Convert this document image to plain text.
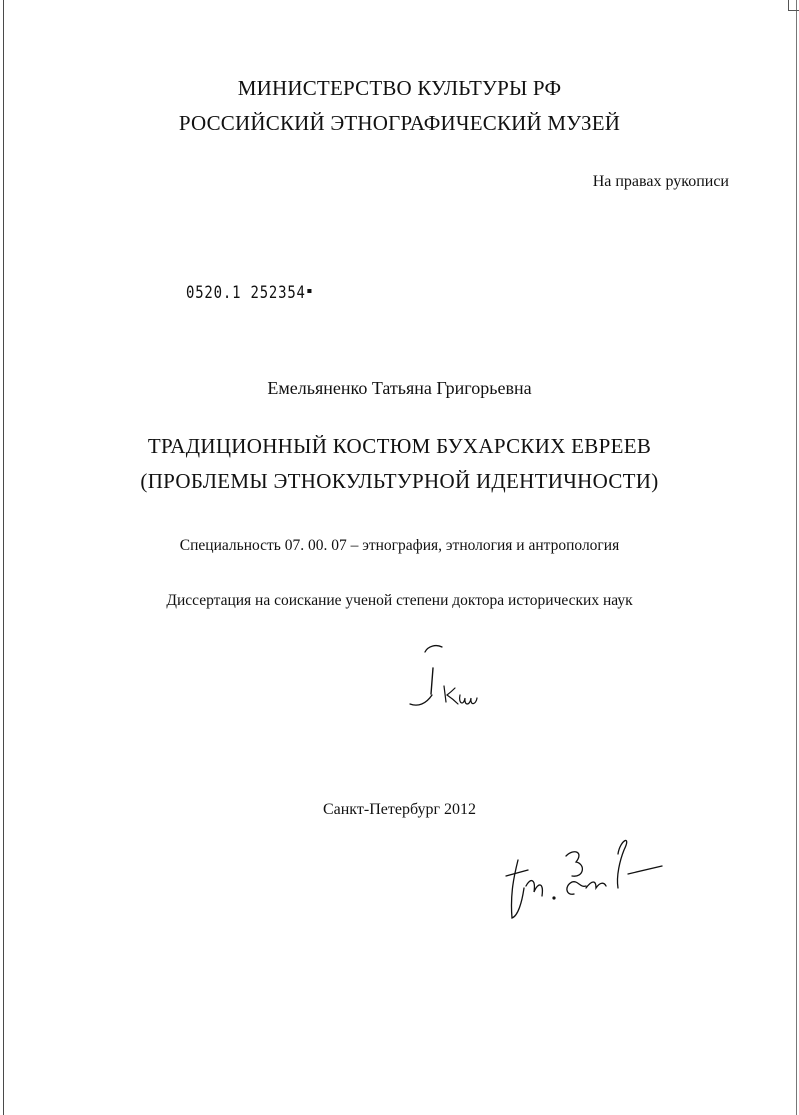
МИНИСТЕРСТВО КУЛЬТУРЫ РФ
РОССИЙСКИЙ ЭТНОГРАФИЧЕСКИЙ МУЗЕЙ
На правах рукописи
0520.1 252354
Емельяненко Татьяна Григорьевна
ТРАДИЦИОННЫЙ КОСТЮМ БУХАРСКИХ ЕВРЕЕВ
(ПРОБЛЕМЫ ЭТНОКУЛЬТУРНОЙ ИДЕНТИЧНОСТИ)
Специальность 07. 00. 07 – этнография, этнология и антропология
Диссертация на соискание ученой степени доктора исторических наук
Санкт-Петербург 2012
